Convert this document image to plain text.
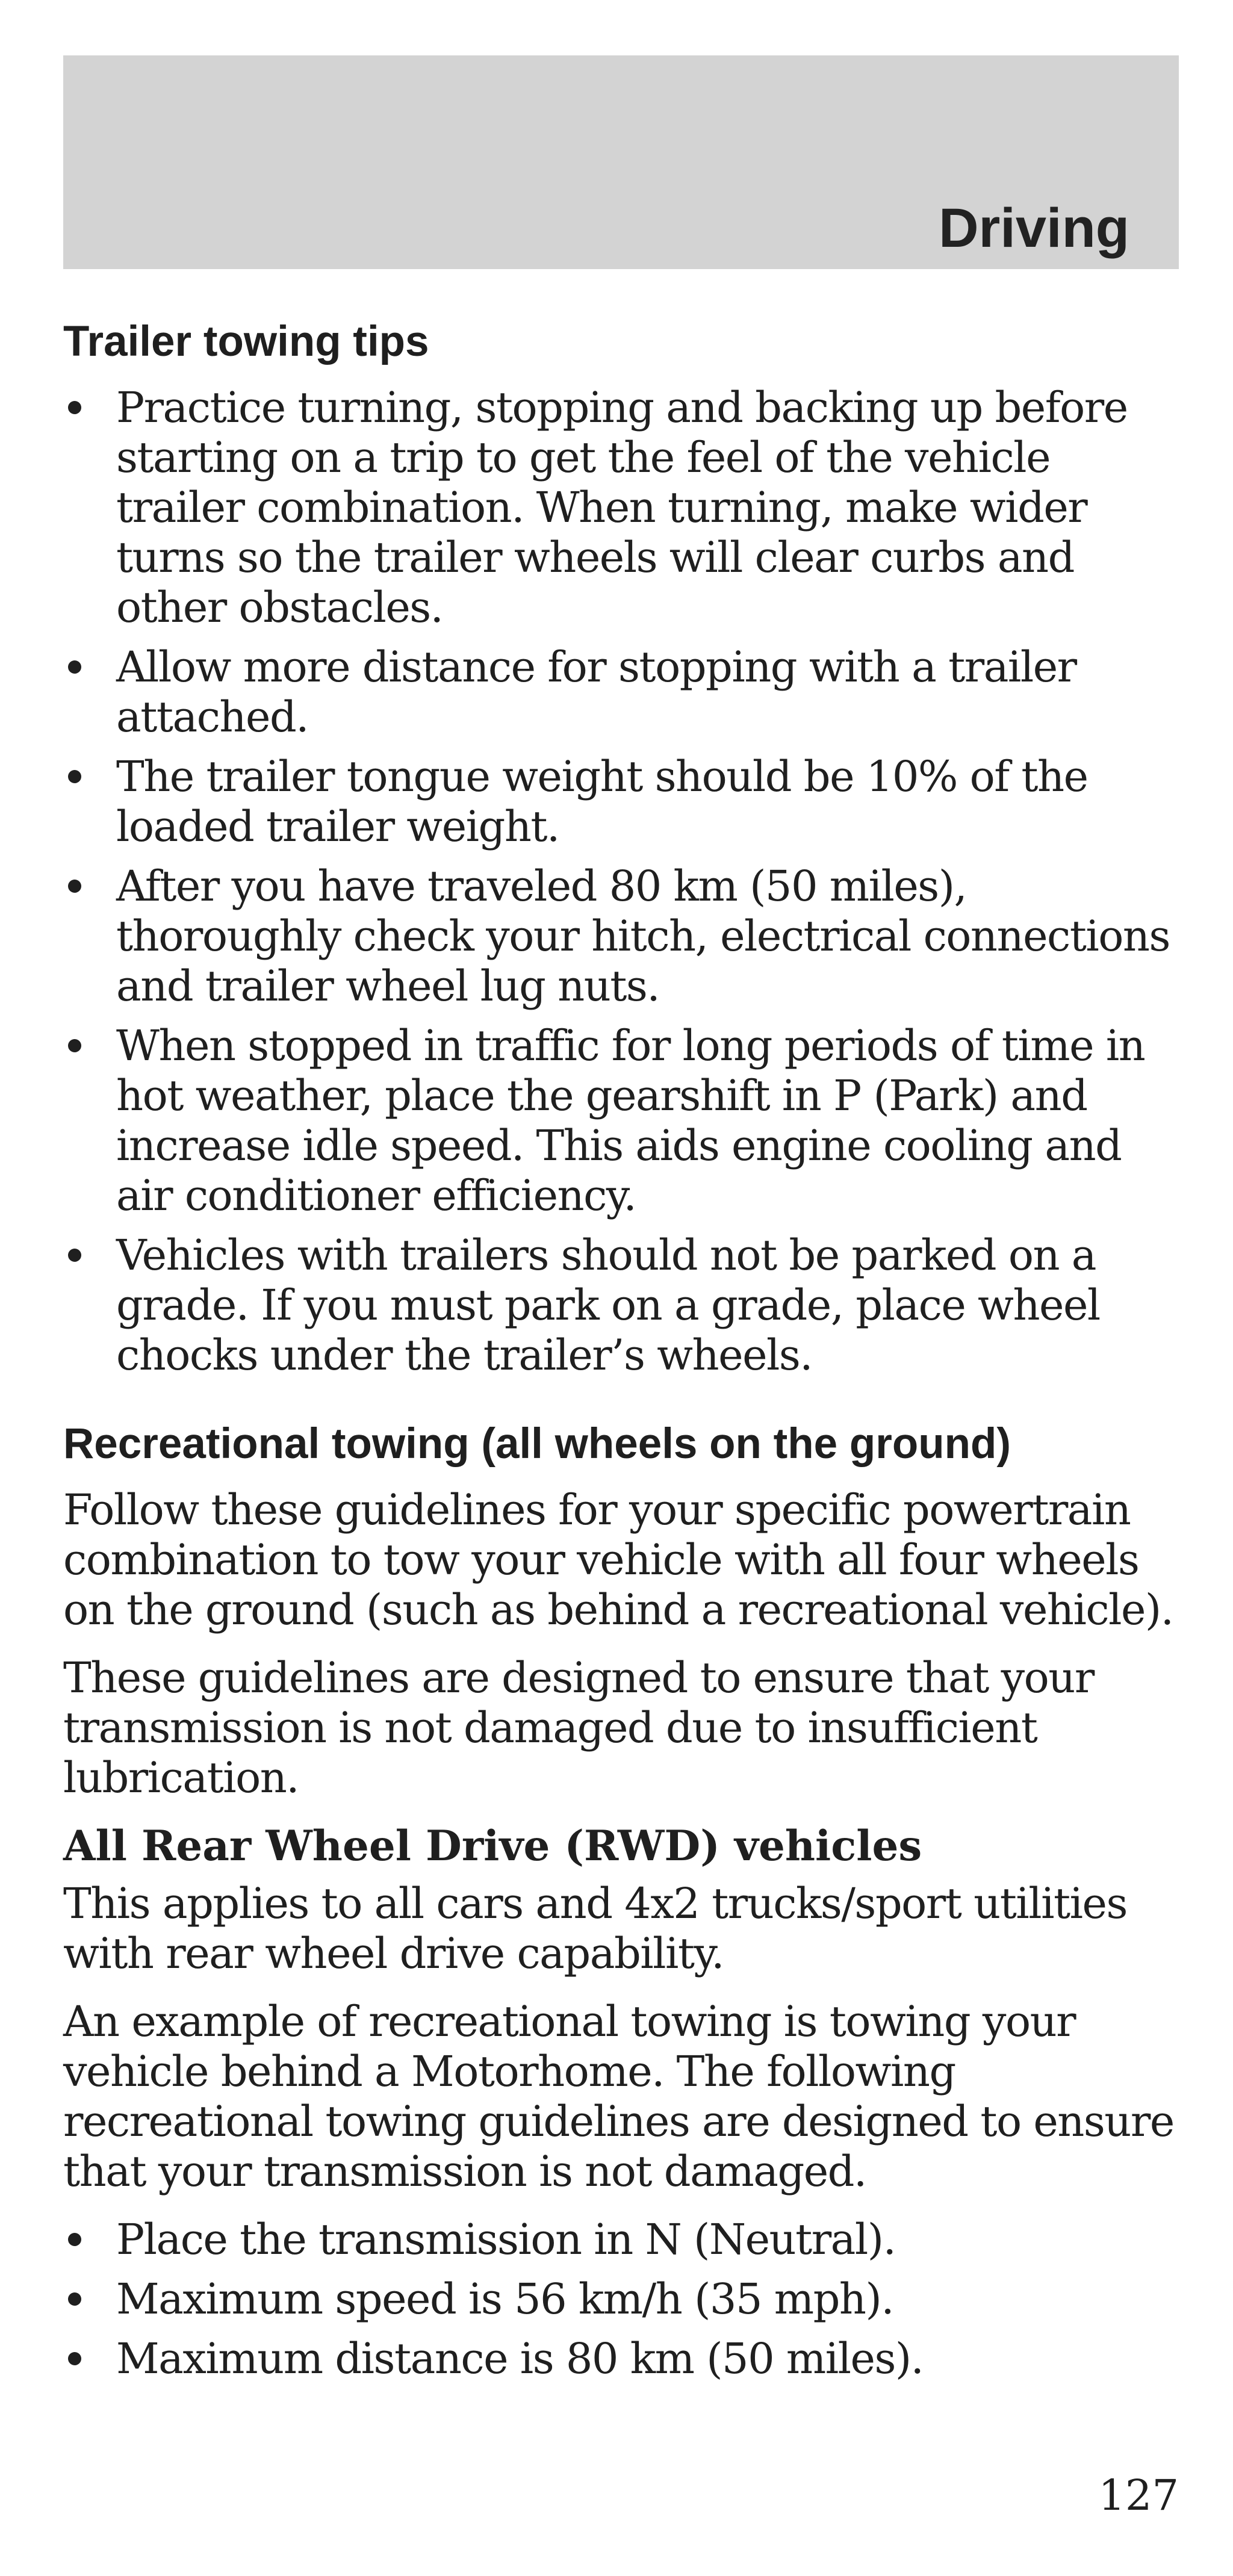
Driving
Trailer towing tips
Practice turning, stopping and backing up before starting on a trip to get the feel of the vehicle trailer combination. When turning, make wider turns so the trailer wheels will clear curbs and other obstacles.
Allow more distance for stopping with a trailer attached.
The trailer tongue weight should be 10% of the loaded trailer weight.
After you have traveled 80 km (50 miles), thoroughly check your hitch, electrical connections and trailer wheel lug nuts.
When stopped in traffic for long periods of time in hot weather, place the gearshift in P (Park) and increase idle speed. This aids engine cooling and air conditioner efficiency.
Vehicles with trailers should not be parked on a grade. If you must park on a grade, place wheel chocks under the trailer’s wheels.
Recreational towing (all wheels on the ground)

Follow these guidelines for your specific powertrain combination to tow your vehicle with all four wheels on the ground (such as behind a recreational vehicle).

These guidelines are designed to ensure that your transmission is not damaged due to insufficient lubrication.

All Rear Wheel Drive (RWD) vehicles

This applies to all cars and 4x2 trucks/sport utilities with rear wheel drive capability.

An example of recreational towing is towing your vehicle behind a Motorhome. The following recreational towing guidelines are designed to ensure that your transmission is not damaged.

Place the transmission in N (Neutral).
Maximum speed is 56 km/h (35 mph).
Maximum distance is 80 km (50 miles).

127
